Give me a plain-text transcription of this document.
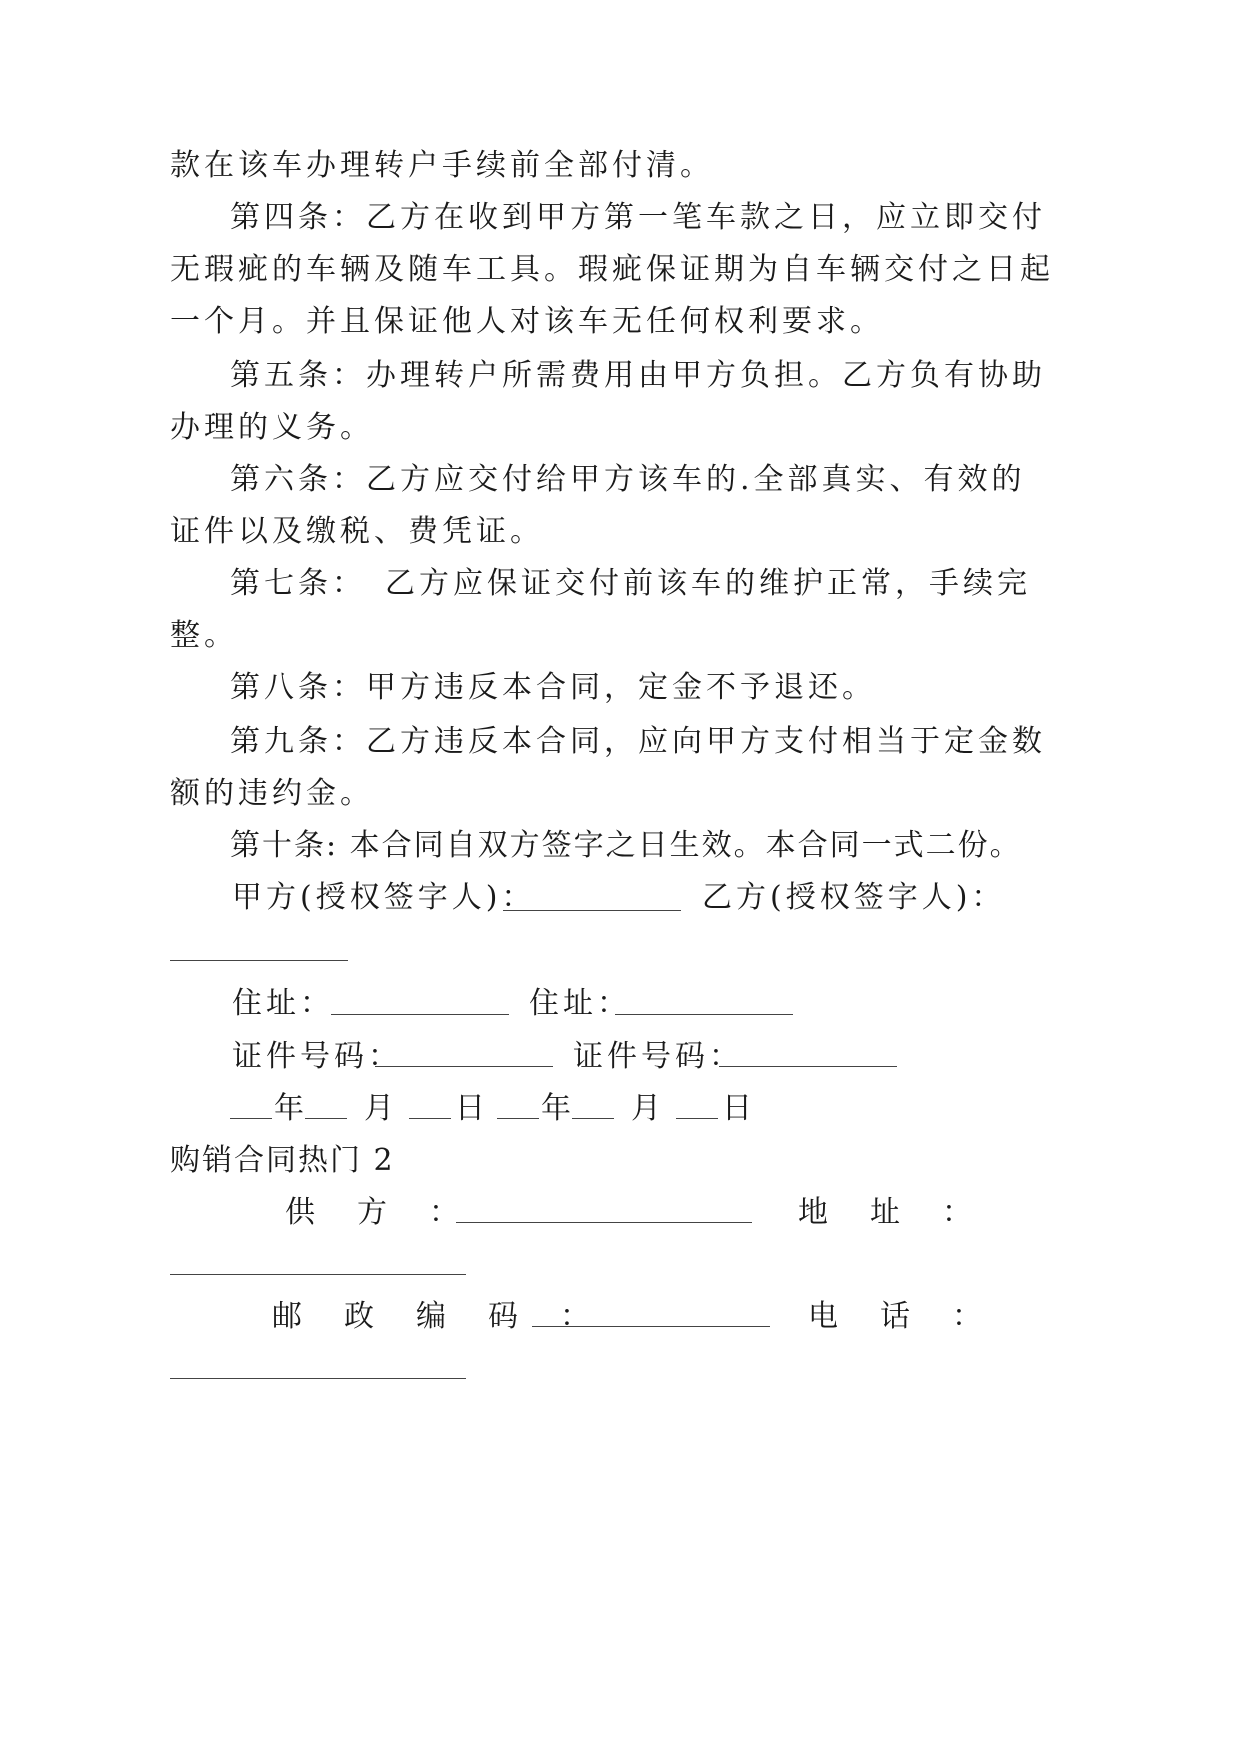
款在该车办理转户手续前全部付清。
第四条：乙方在收到甲方第一笔车款之日，应立即交付
无瑕疵的车辆及随车工具。瑕疵保证期为自车辆交付之日起
一个月。并且保证他人对该车无任何权利要求。
第五条：办理转户所需费用由甲方负担。乙方负有协助
办理的义务。
第六条：乙方应交付给甲方该车的.全部真实、有效的
证件以及缴税、费凭证。
第七条：　乙方应保证交付前该车的维护正常，手续完
整。
第八条：甲方违反本合同，定金不予退还。
第九条：乙方违反本合同，应向甲方支付相当于定金数
额的违约金。
第十条: 本合同自双方签字之日生效。本合同一式二份。
甲方(授权签字人)：	乙方(授权签字人)：
住址：	住址：
证件号码：	证件号码：
年 月 日 年 月 日
购销合同热门 2
供　方　：	地　址　：
邮　政　编　码　：	电　话　：
